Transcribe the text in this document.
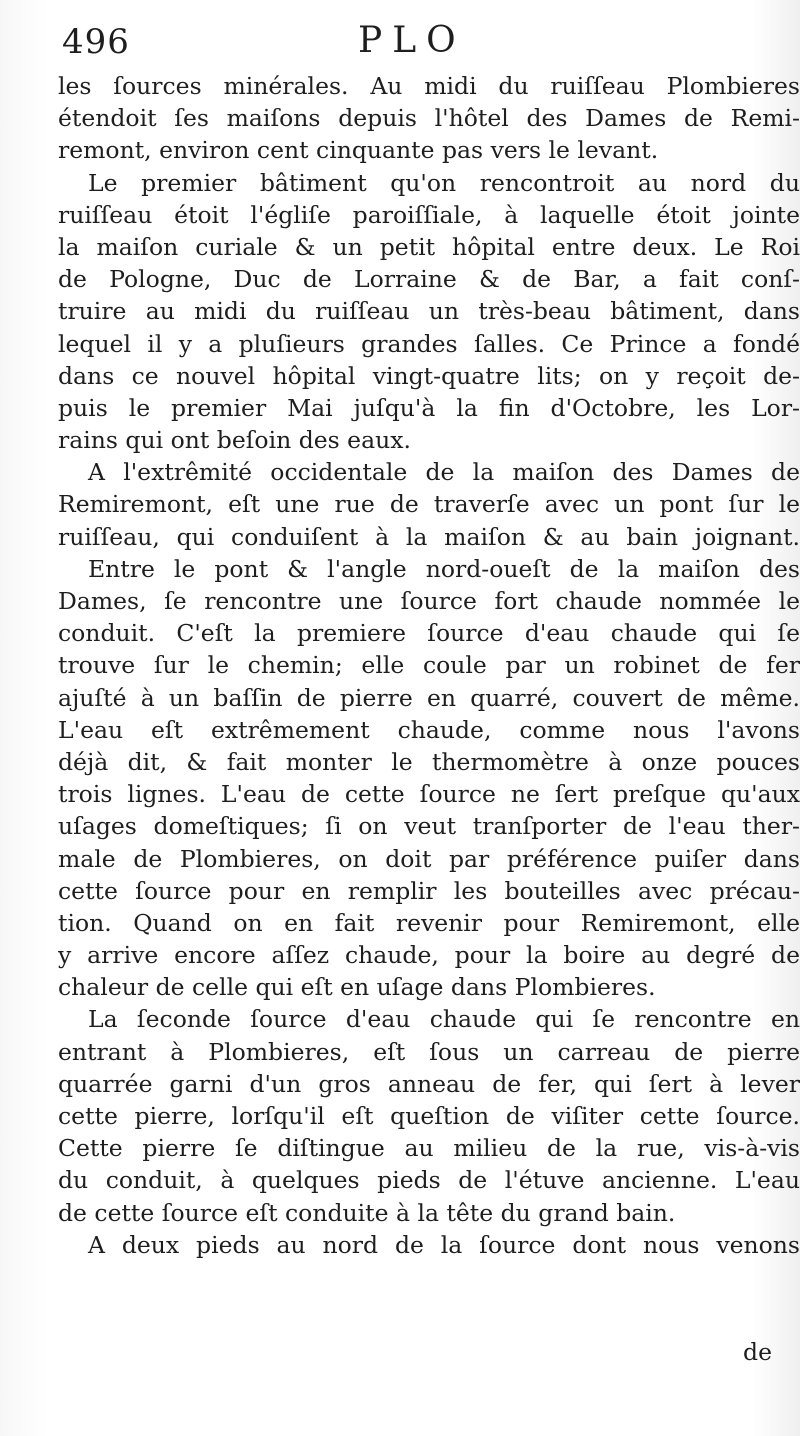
496	PLO
les ſources minérales. Au midi du ruiſſeau Plombieres
étendoit ſes maiſons depuis l'hôtel des Dames de Remi-
remont, environ cent cinquante pas vers le levant.
Le premier bâtiment qu'on rencontroit au nord du
ruiſſeau étoit l'égliſe paroiſſiale, à laquelle étoit jointe
la maiſon curiale & un petit hôpital entre deux. Le Roi
de Pologne, Duc de Lorraine & de Bar, a fait conſ-
truire au midi du ruiſſeau un très-beau bâtiment, dans
lequel il y a pluſieurs grandes ſalles. Ce Prince a fondé
dans ce nouvel hôpital vingt-quatre lits; on y reçoit de-
puis le premier Mai juſqu'à la fin d'Octobre, les Lor-
rains qui ont beſoin des eaux.
A l'extrêmité occidentale de la maiſon des Dames de
Remiremont, eſt une rue de traverſe avec un pont ſur le
ruiſſeau, qui conduiſent à la maiſon & au bain joignant.
Entre le pont & l'angle nord-oueſt de la maiſon des
Dames, ſe rencontre une ſource fort chaude nommée le
conduit. C'eſt la premiere ſource d'eau chaude qui ſe
trouve ſur le chemin; elle coule par un robinet de fer
ajuſté à un baſſin de pierre en quarré, couvert de même.
L'eau eſt extrêmement chaude, comme nous l'avons
déjà dit, & fait monter le thermomètre à onze pouces
trois lignes. L'eau de cette ſource ne ſert preſque qu'aux
uſages domeſtiques; ſi on veut tranſporter de l'eau ther-
male de Plombieres, on doit par préférence puiſer dans
cette ſource pour en remplir les bouteilles avec précau-
tion. Quand on en fait revenir pour Remiremont, elle
y arrive encore aſſez chaude, pour la boire au degré de
chaleur de celle qui eſt en uſage dans Plombieres.
La ſeconde ſource d'eau chaude qui ſe rencontre en
entrant à Plombieres, eſt ſous un carreau de pierre
quarrée garni d'un gros anneau de fer, qui ſert à lever
cette pierre, lorſqu'il eſt queſtion de viſiter cette ſource.
Cette pierre ſe diſtingue au milieu de la rue, vis-à-vis
du conduit, à quelques pieds de l'étuve ancienne. L'eau
de cette ſource eſt conduite à la tête du grand bain.
A deux pieds au nord de la ſource dont nous venons
de
